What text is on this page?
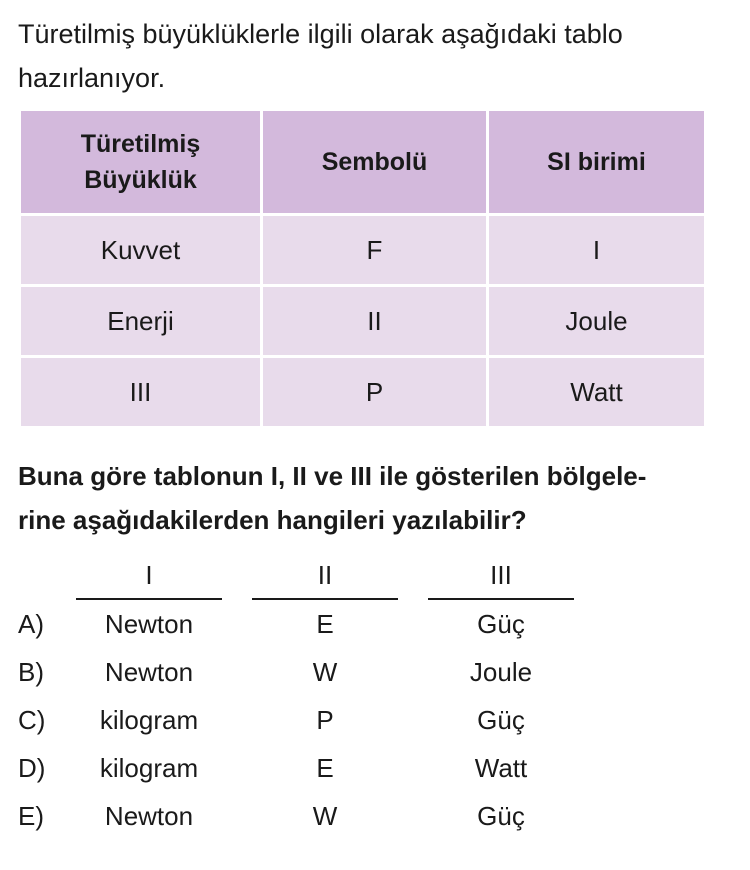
Türetilmiş büyüklüklerle ilgili olarak aşağıdaki tablo
hazırlanıyor.
Türetilmiş
Büyüklük	Sembolü	SI birimi
Kuvvet	F	I
Enerji	II	Joule
III	P	Watt
Buna göre tablonun I, II ve III ile gösterilen bölgele-
rine aşağıdakilerden hangileri yazılabilir?
I	II	III
A)	Newton	E	Güç
B)	Newton	W	Joule
C)	kilogram	P	Güç
D)	kilogram	E	Watt
E)	Newton	W	Güç
